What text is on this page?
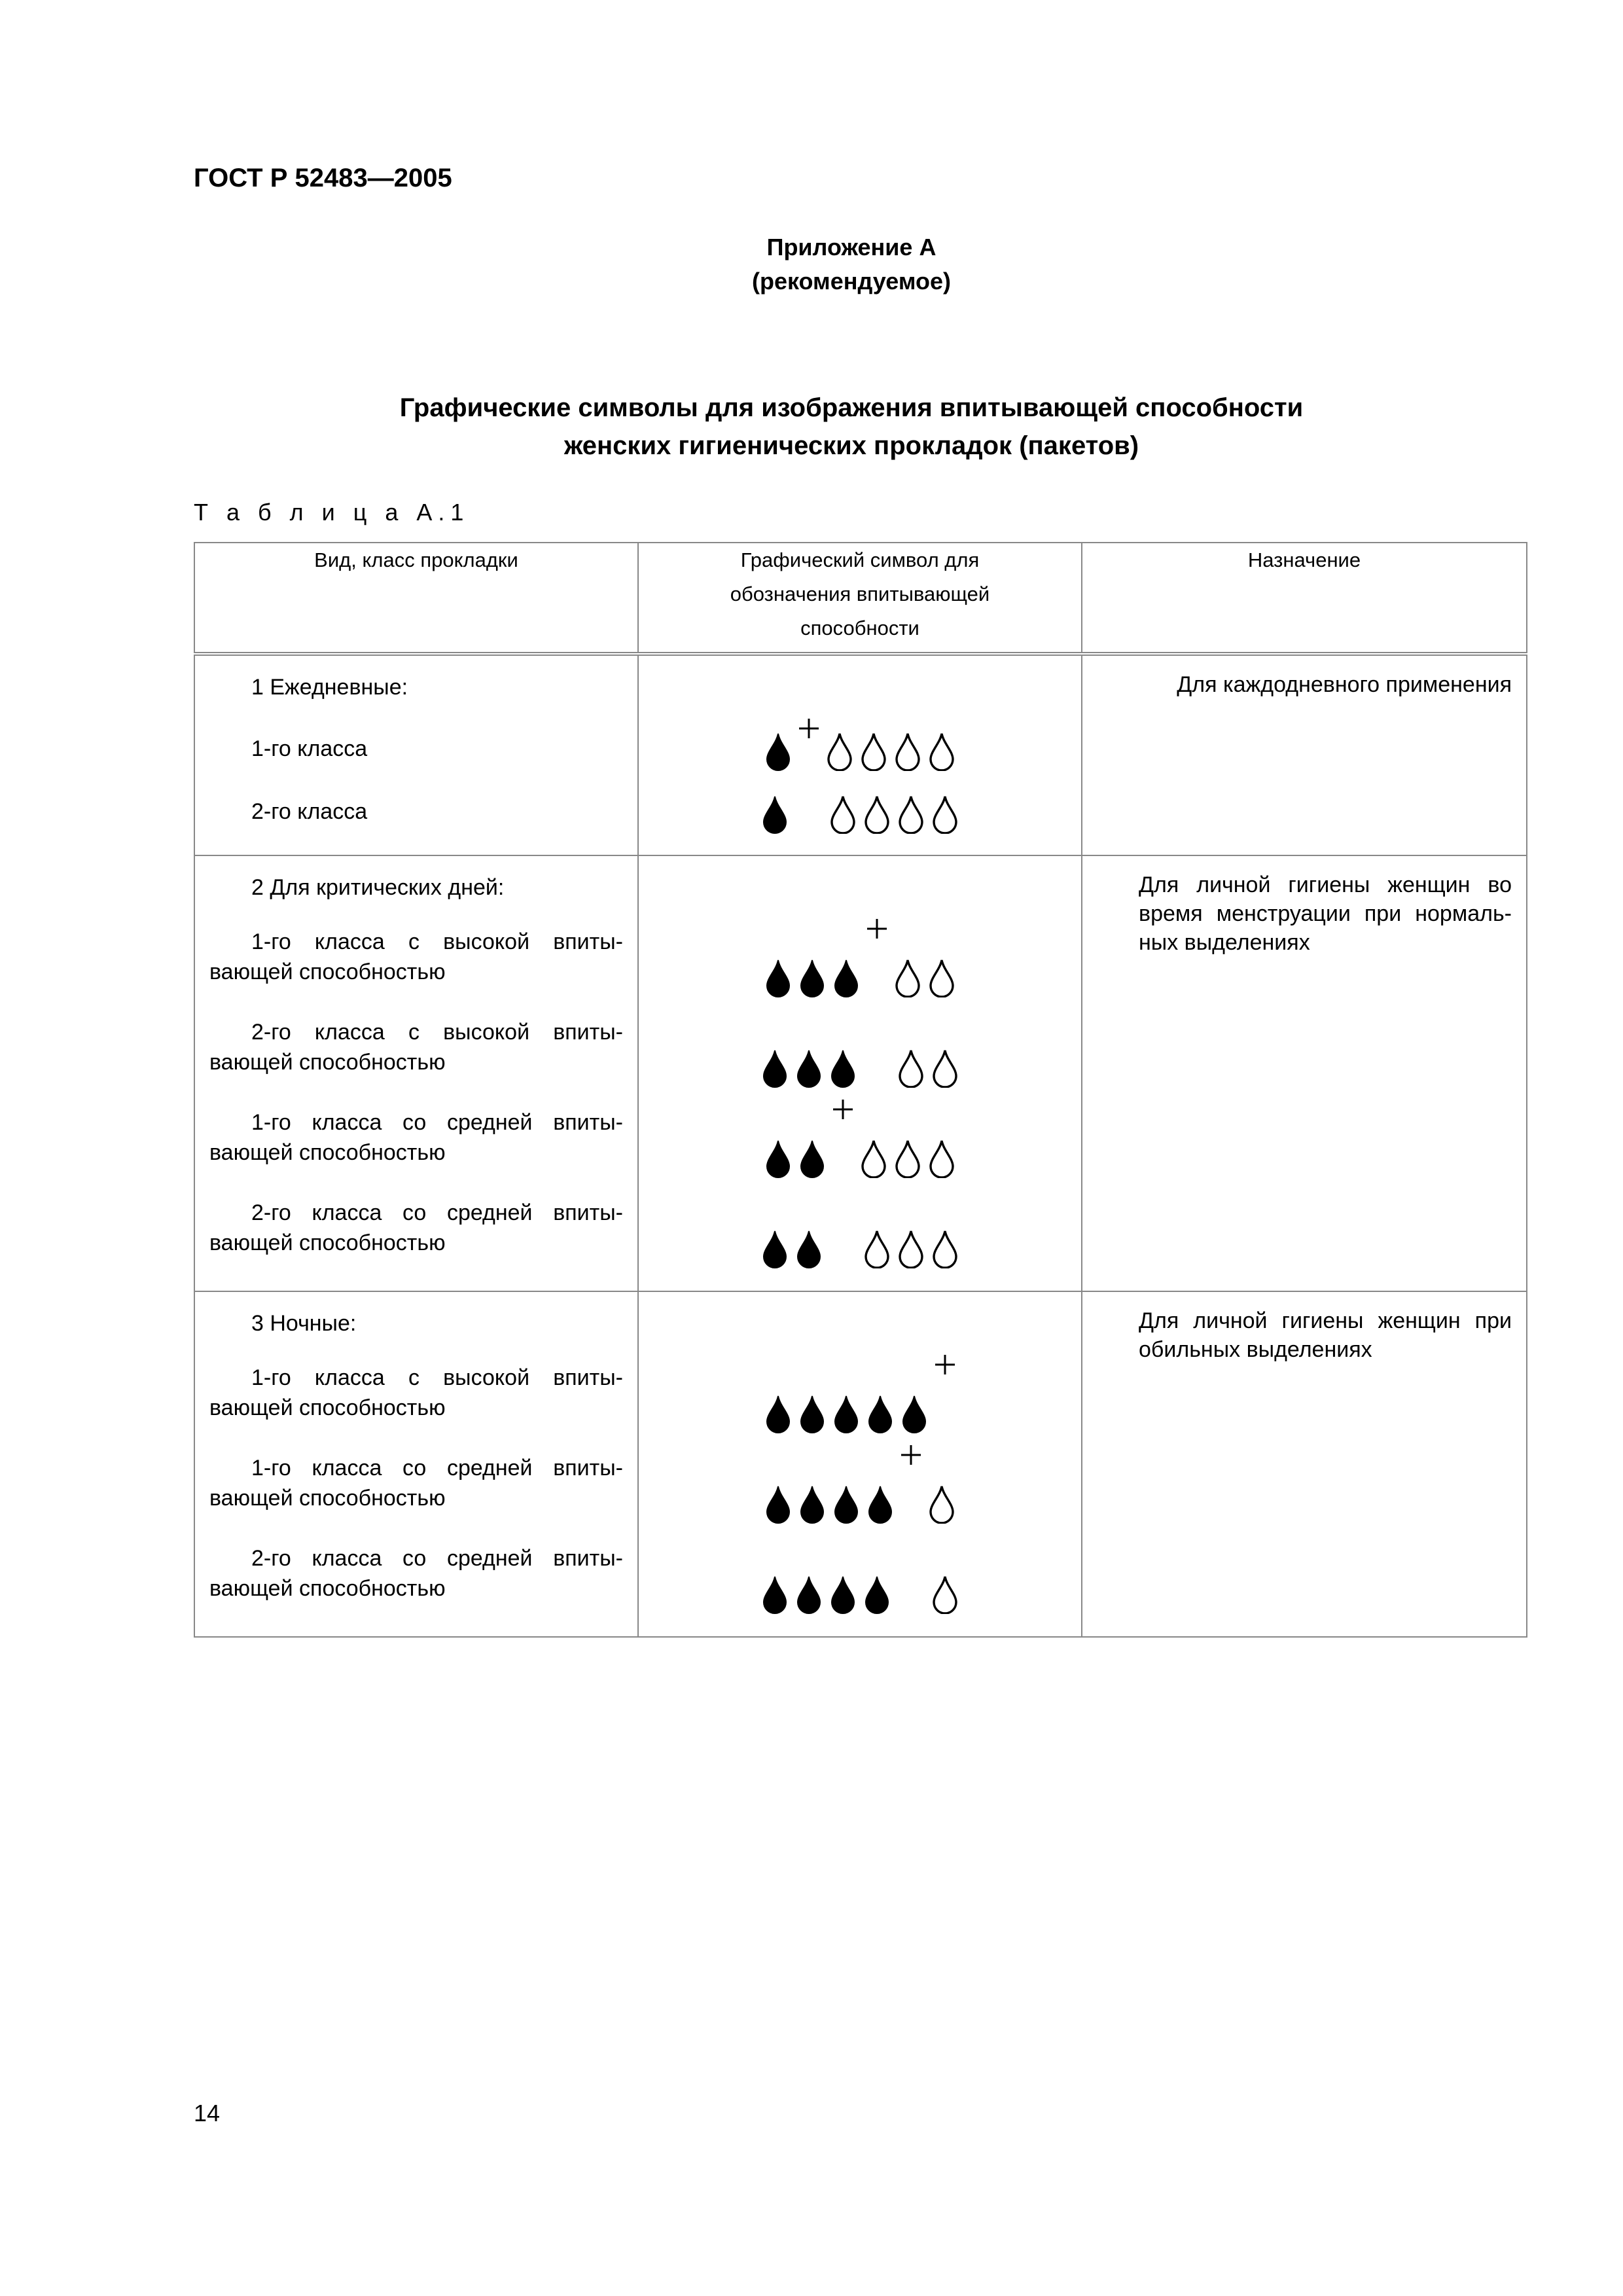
ГОСТ Р 52483—2005
Приложение А
(рекомендуемое)
Графические символы для изображения впитывающей способности
женских гигиенических прокладок (пакетов)
Т а б л и ц а А.1
Вид, класс прокладки	Графический символ для обозначения впитывающей способности	Назначение

1 Ежедневные:
1-го класса
2-го класса		Для каждодневного применения

2 Для критических дней:
1-го класса с высокой впиты-вающей способностью
2-го класса с высокой впиты-вающей способностью
1-го класса со средней впиты-вающей способностью
2-го класса со средней впиты-вающей способностью		Для личной гигиены женщин во время менструации при нормаль-ных выделениях

3 Ночные:
1-го класса с высокой впиты-вающей способностью
1-го класса со средней впиты-вающей способностью
2-го класса со средней впиты-вающей способностью		Для личной гигиены женщин при обильных выделениях
14
